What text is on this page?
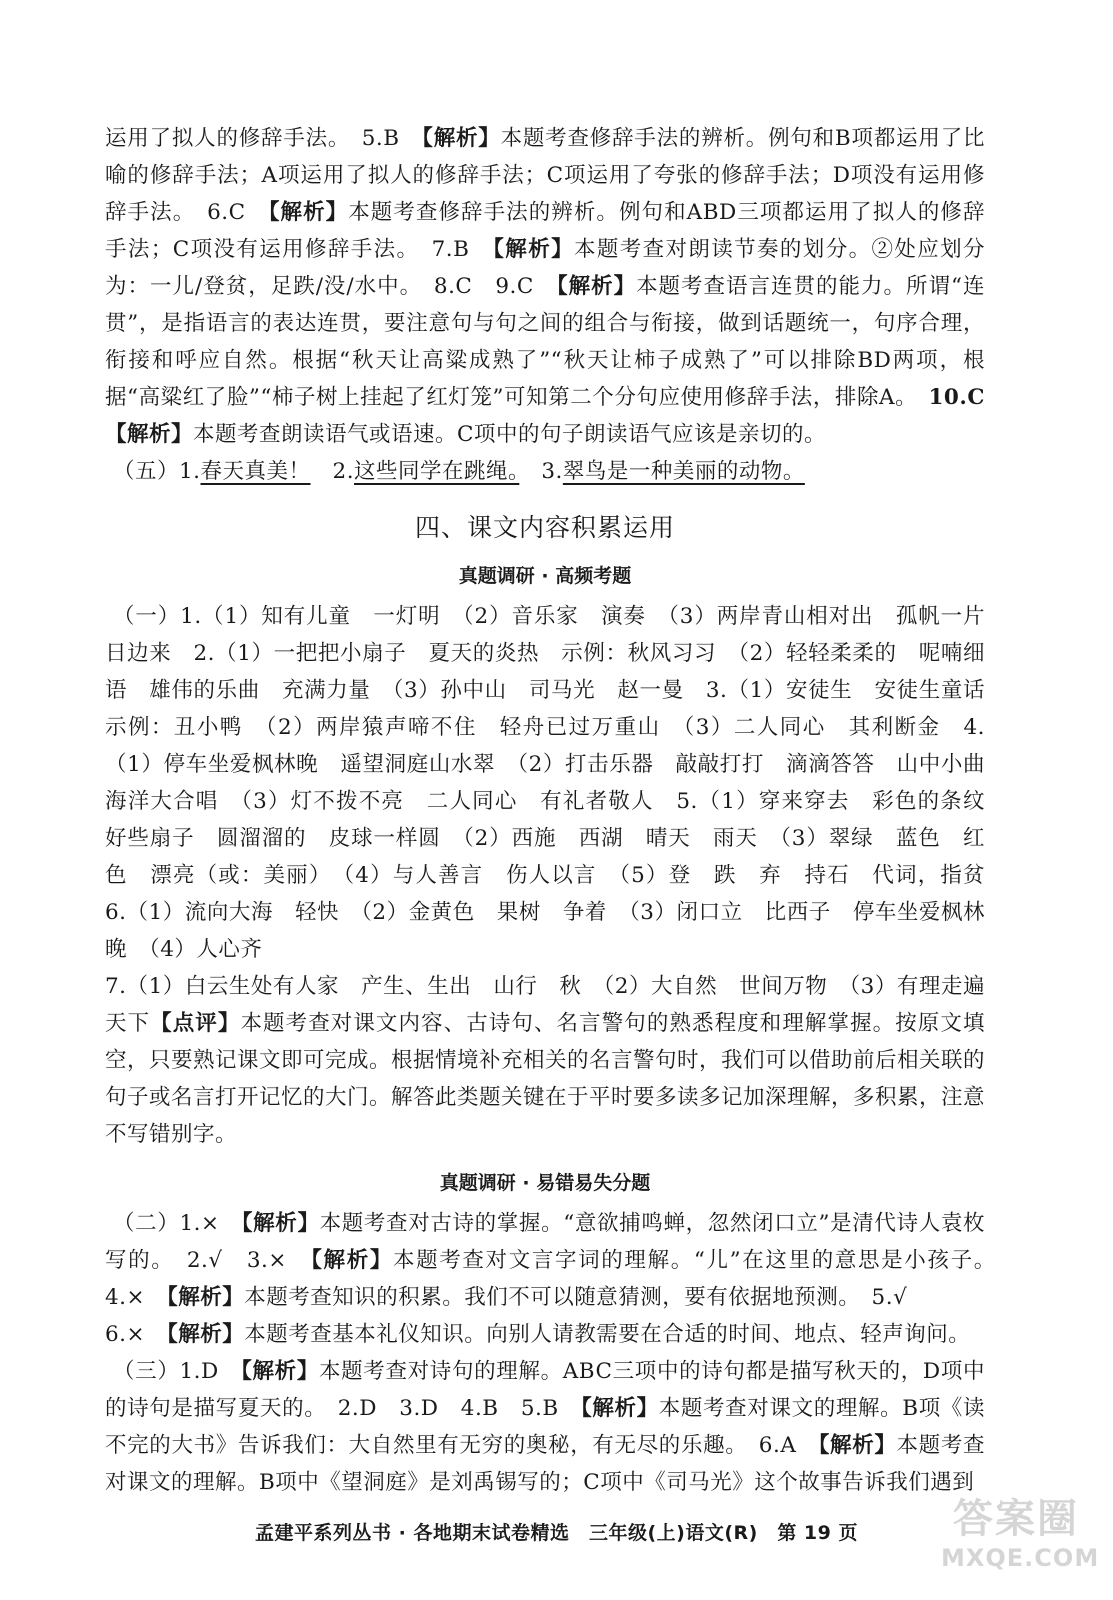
运用了拟人的修辞手法。　5.B　【解析】本题考查修辞手法的辨析。例句和B项都运用了比喻的修辞手法；A项运用了拟人的修辞手法；C项运用了夸张的修辞手法；D项没有运用修辞手法。　6.C　【解析】本题考查修辞手法的辨析。例句和ABD三项都运用了拟人的修辞手法；C项没有运用修辞手法。　7.B　【解析】本题考查对朗读节奏的划分。②处应划分为：一儿/登贫，足跌/没/水中。　8.C　9.C　【解析】本题考查语言连贯的能力。所谓“连贯”，是指语言的表达连贯，要注意句与句之间的组合与衔接，做到话题统一，句序合理，衔接和呼应自然。根据“秋天让高粱成熟了”“秋天让柿子成熟了”可以排除BD两项，根据“高粱红了脸”“柿子树上挂起了红灯笼”可知第二个分句应使用修辞手法，排除A。　10.C【解析】本题考查朗读语气或语速。C项中的句子朗读语气应该是亲切的。

（五）1.春天真美！　2.这些同学在跳绳。　3.翠鸟是一种美丽的动物。

四、课文内容积累运用
真题调研 · 高频考题

（一）1.（1）知有儿童　一灯明　（2）音乐家　演奏　（3）两岸青山相对出　孤帆一片日边来　2.（1）一把把小扇子　夏天的炎热　示例：秋风习习　（2）轻轻柔柔的　呢喃细语　雄伟的乐曲　充满力量　（3）孙中山　司马光　赵一曼　3.（1）安徒生　安徒生童话　示例：丑小鸭　（2）两岸猿声啼不住　轻舟已过万重山　（3）二人同心　其利断金　4.（1）停车坐爱枫林晚　遥望洞庭山水翠　（2）打击乐器　敲敲打打　滴滴答答　山中小曲　海洋大合唱　（3）灯不拨不亮　二人同心　有礼者敬人　5.（1）穿来穿去　彩色的条纹　好些扇子　圆溜溜的　皮球一样圆　（2）西施　西湖　晴天　雨天　（3）翠绿　蓝色　红色　漂亮（或：美丽）　（4）与人善言　伤人以言　（5）登　跌　弃　持石　代词，指贫　6.（1）流向大海　轻快　（2）金黄色　果树　争着　（3）闭口立　比西子　停车坐爱枫林晚　（4）人心齐

7.（1）白云生处有人家　产生、生出　山行　秋　（2）大自然　世间万物　（3）有理走遍天下【点评】本题考查对课文内容、古诗句、名言警句的熟悉程度和理解掌握。按原文填空，只要熟记课文即可完成。根据情境补充相关的名言警句时，我们可以借助前后相关联的句子或名言打开记忆的大门。解答此类题关键在于平时要多读多记加深理解，多积累，注意不写错别字。

真题调研 · 易错易失分题

（二）1.×　【解析】本题考查对古诗的掌握。“意欲捕鸣蝉，忽然闭口立”是清代诗人袁枚写的。　2.√　3.×　【解析】本题考查对文言字词的理解。“儿”在这里的意思是小孩子。　4.×　【解析】本题考查知识的积累。我们不可以随意猜测，要有依据地预测。　5.√

6.×　【解析】本题考查基本礼仪知识。向别人请教需要在合适的时间、地点、轻声询问。

（三）1.D　【解析】本题考查对诗句的理解。ABC三项中的诗句都是描写秋天的，D项中的诗句是描写夏天的。　2.D　3.D　4.B　5.B　【解析】本题考查对课文的理解。B项《读不完的大书》告诉我们：大自然里有无穷的奥秘，有无尽的乐趣。　6.A　【解析】本题考查对课文的理解。B项中《望洞庭》是刘禹锡写的；C项中《司马光》这个故事告诉我们遇到

孟建平系列丛书 · 各地期末试卷精选　三年级(上)语文(R)　第 19 页	答案圈
MXQE.COM
